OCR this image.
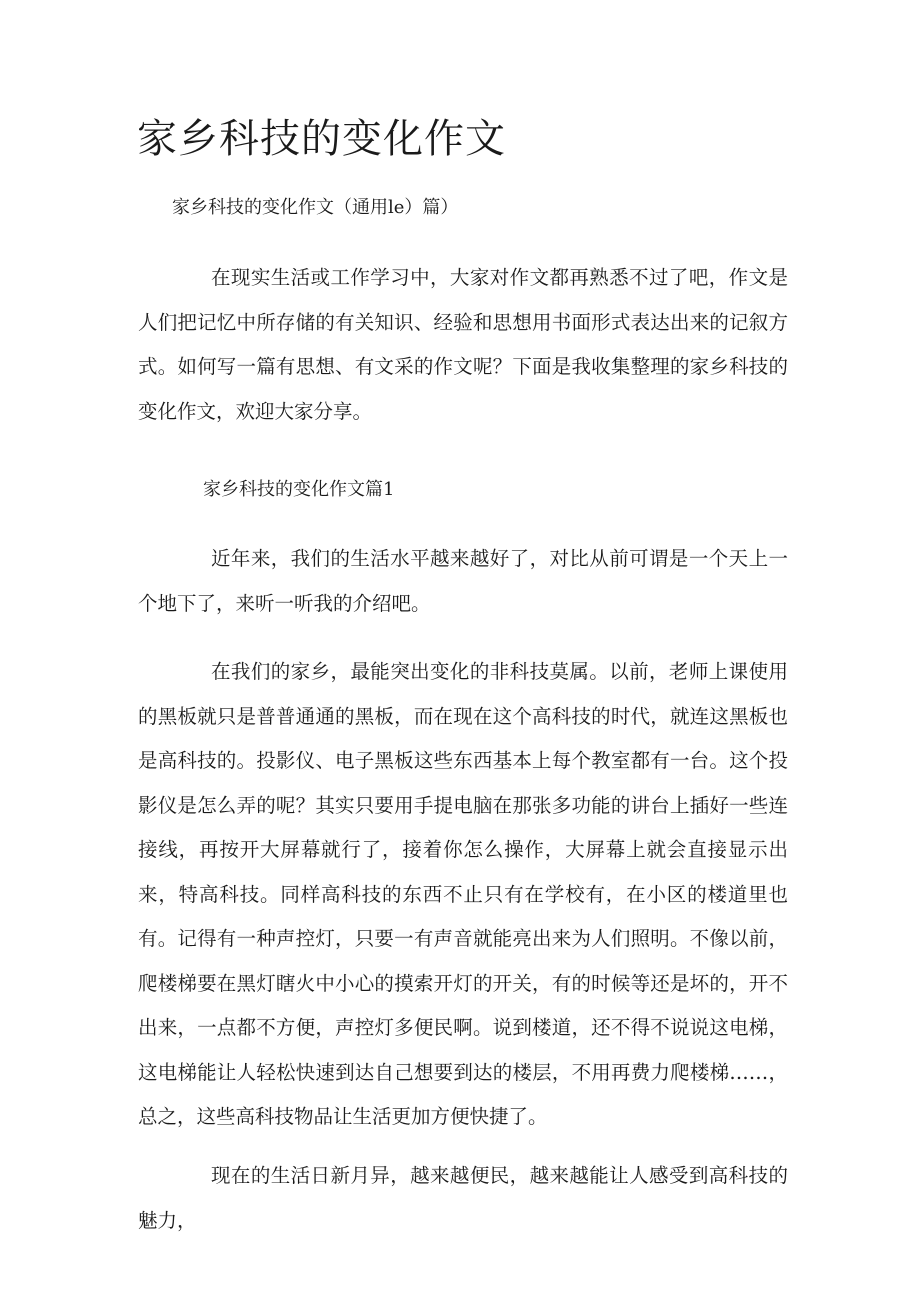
家乡科技的变化作文

家乡科技的变化作文（通用le）篇）

在现实生活或工作学习中，大家对作文都再熟悉不过了吧，作文是人们把记忆中所存储的有关知识、经验和思想用书面形式表达出来的记叙方式。如何写一篇有思想、有文采的作文呢？下面是我收集整理的家乡科技的变化作文，欢迎大家分享。

家乡科技的变化作文篇1

近年来，我们的生活水平越来越好了，对比从前可谓是一个天上一个地下了，来听一听我的介绍吧。

在我们的家乡，最能突出变化的非科技莫属。以前，老师上课使用的黑板就只是普普通通的黑板，而在现在这个高科技的时代，就连这黑板也是高科技的。投影仪、电子黑板这些东西基本上每个教室都有一台。这个投影仪是怎么弄的呢？其实只要用手提电脑在那张多功能的讲台上插好一些连接线，再按开大屏幕就行了，接着你怎么操作，大屏幕上就会直接显示出来，特高科技。同样高科技的东西不止只有在学校有，在小区的楼道里也有。记得有一种声控灯，只要一有声音就能亮出来为人们照明。不像以前，爬楼梯要在黑灯瞎火中小心的摸索开灯的开关，有的时候等还是坏的，开不出来，一点都不方便，声控灯多便民啊。说到楼道，还不得不说说这电梯，这电梯能让人轻松快速到达自己想要到达的楼层，不用再费力爬楼梯……，总之，这些高科技物品让生活更加方便快捷了。

现在的生活日新月异，越来越便民，越来越能让人感受到高科技的魅力，
